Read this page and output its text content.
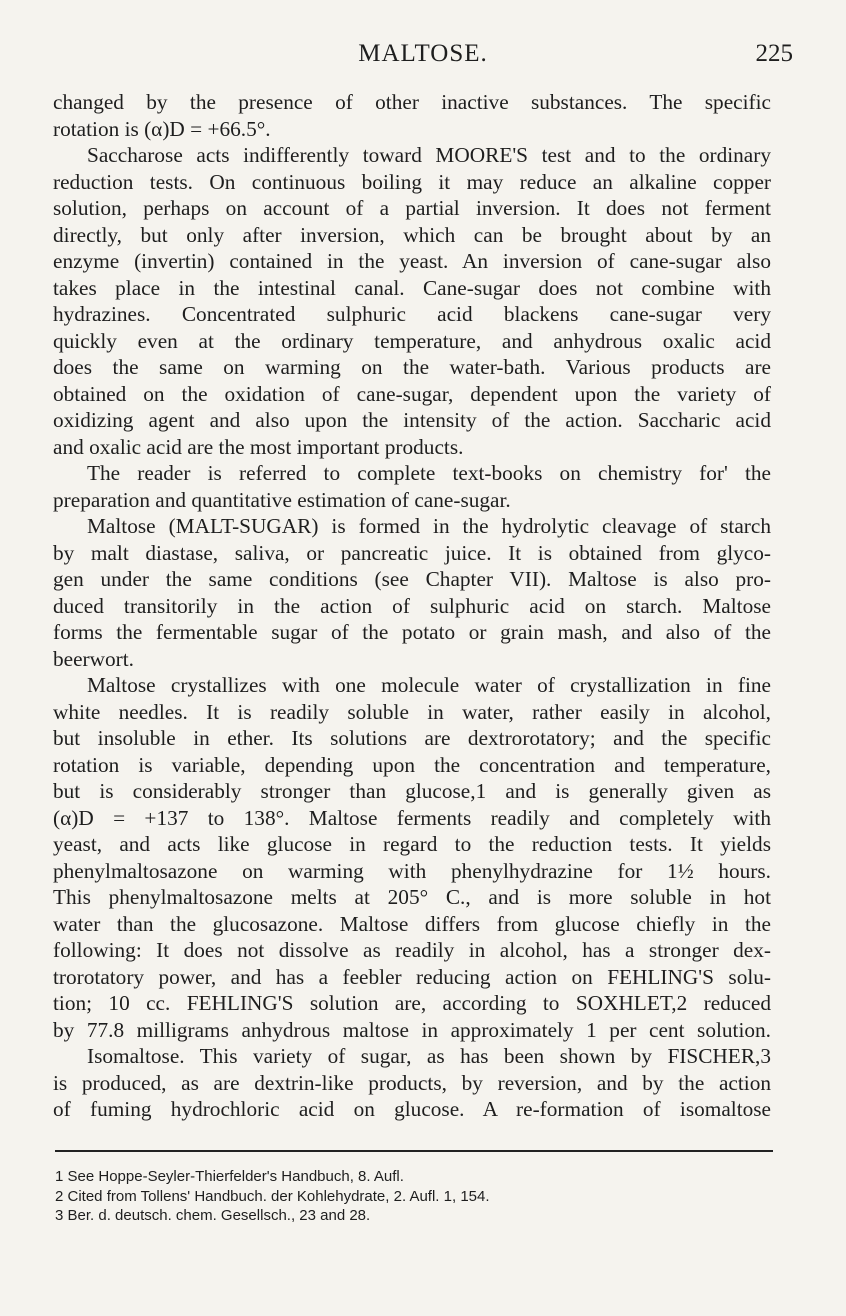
MALTOSE.	225
changed by the presence of other inactive substances. The specific
rotation is (α)D = +66.5°.
Saccharose acts indifferently toward MOORE'S test and to the ordinary
reduction tests. On continuous boiling it may reduce an alkaline copper
solution, perhaps on account of a partial inversion. It does not ferment
directly, but only after inversion, which can be brought about by an
enzyme (invertin) contained in the yeast. An inversion of cane-sugar also
takes place in the intestinal canal. Cane-sugar does not combine with
hydrazines. Concentrated sulphuric acid blackens cane-sugar very
quickly even at the ordinary temperature, and anhydrous oxalic acid
does the same on warming on the water-bath. Various products are
obtained on the oxidation of cane-sugar, dependent upon the variety of
oxidizing agent and also upon the intensity of the action. Saccharic acid
and oxalic acid are the most important products.
The reader is referred to complete text-books on chemistry for' the
preparation and quantitative estimation of cane-sugar.
Maltose (MALT-SUGAR) is formed in the hydrolytic cleavage of starch
by malt diastase, saliva, or pancreatic juice. It is obtained from glyco-
gen under the same conditions (see Chapter VII). Maltose is also pro-
duced transitorily in the action of sulphuric acid on starch. Maltose
forms the fermentable sugar of the potato or grain mash, and also of the
beerwort.
Maltose crystallizes with one molecule water of crystallization in fine
white needles. It is readily soluble in water, rather easily in alcohol,
but insoluble in ether. Its solutions are dextrorotatory; and the specific
rotation is variable, depending upon the concentration and temperature,
but is considerably stronger than glucose,1 and is generally given as
(α)D = +137 to 138°. Maltose ferments readily and completely with
yeast, and acts like glucose in regard to the reduction tests. It yields
phenylmaltosazone on warming with phenylhydrazine for 1½ hours.
This phenylmaltosazone melts at 205° C., and is more soluble in hot
water than the glucosazone. Maltose differs from glucose chiefly in the
following: It does not dissolve as readily in alcohol, has a stronger dex-
trorotatory power, and has a feebler reducing action on FEHLING'S solu-
tion; 10 cc. FEHLING'S solution are, according to SOXHLET,2 reduced
by 77.8 milligrams anhydrous maltose in approximately 1 per cent solution.
Isomaltose. This variety of sugar, as has been shown by FISCHER,3
is produced, as are dextrin-like products, by reversion, and by the action
of fuming hydrochloric acid on glucose. A re-formation of isomaltose
1 See Hoppe-Seyler-Thierfelder's Handbuch, 8. Aufl.
2 Cited from Tollens' Handbuch. der Kohlehydrate, 2. Aufl. 1, 154.
3 Ber. d. deutsch. chem. Gesellsch., 23 and 28.
